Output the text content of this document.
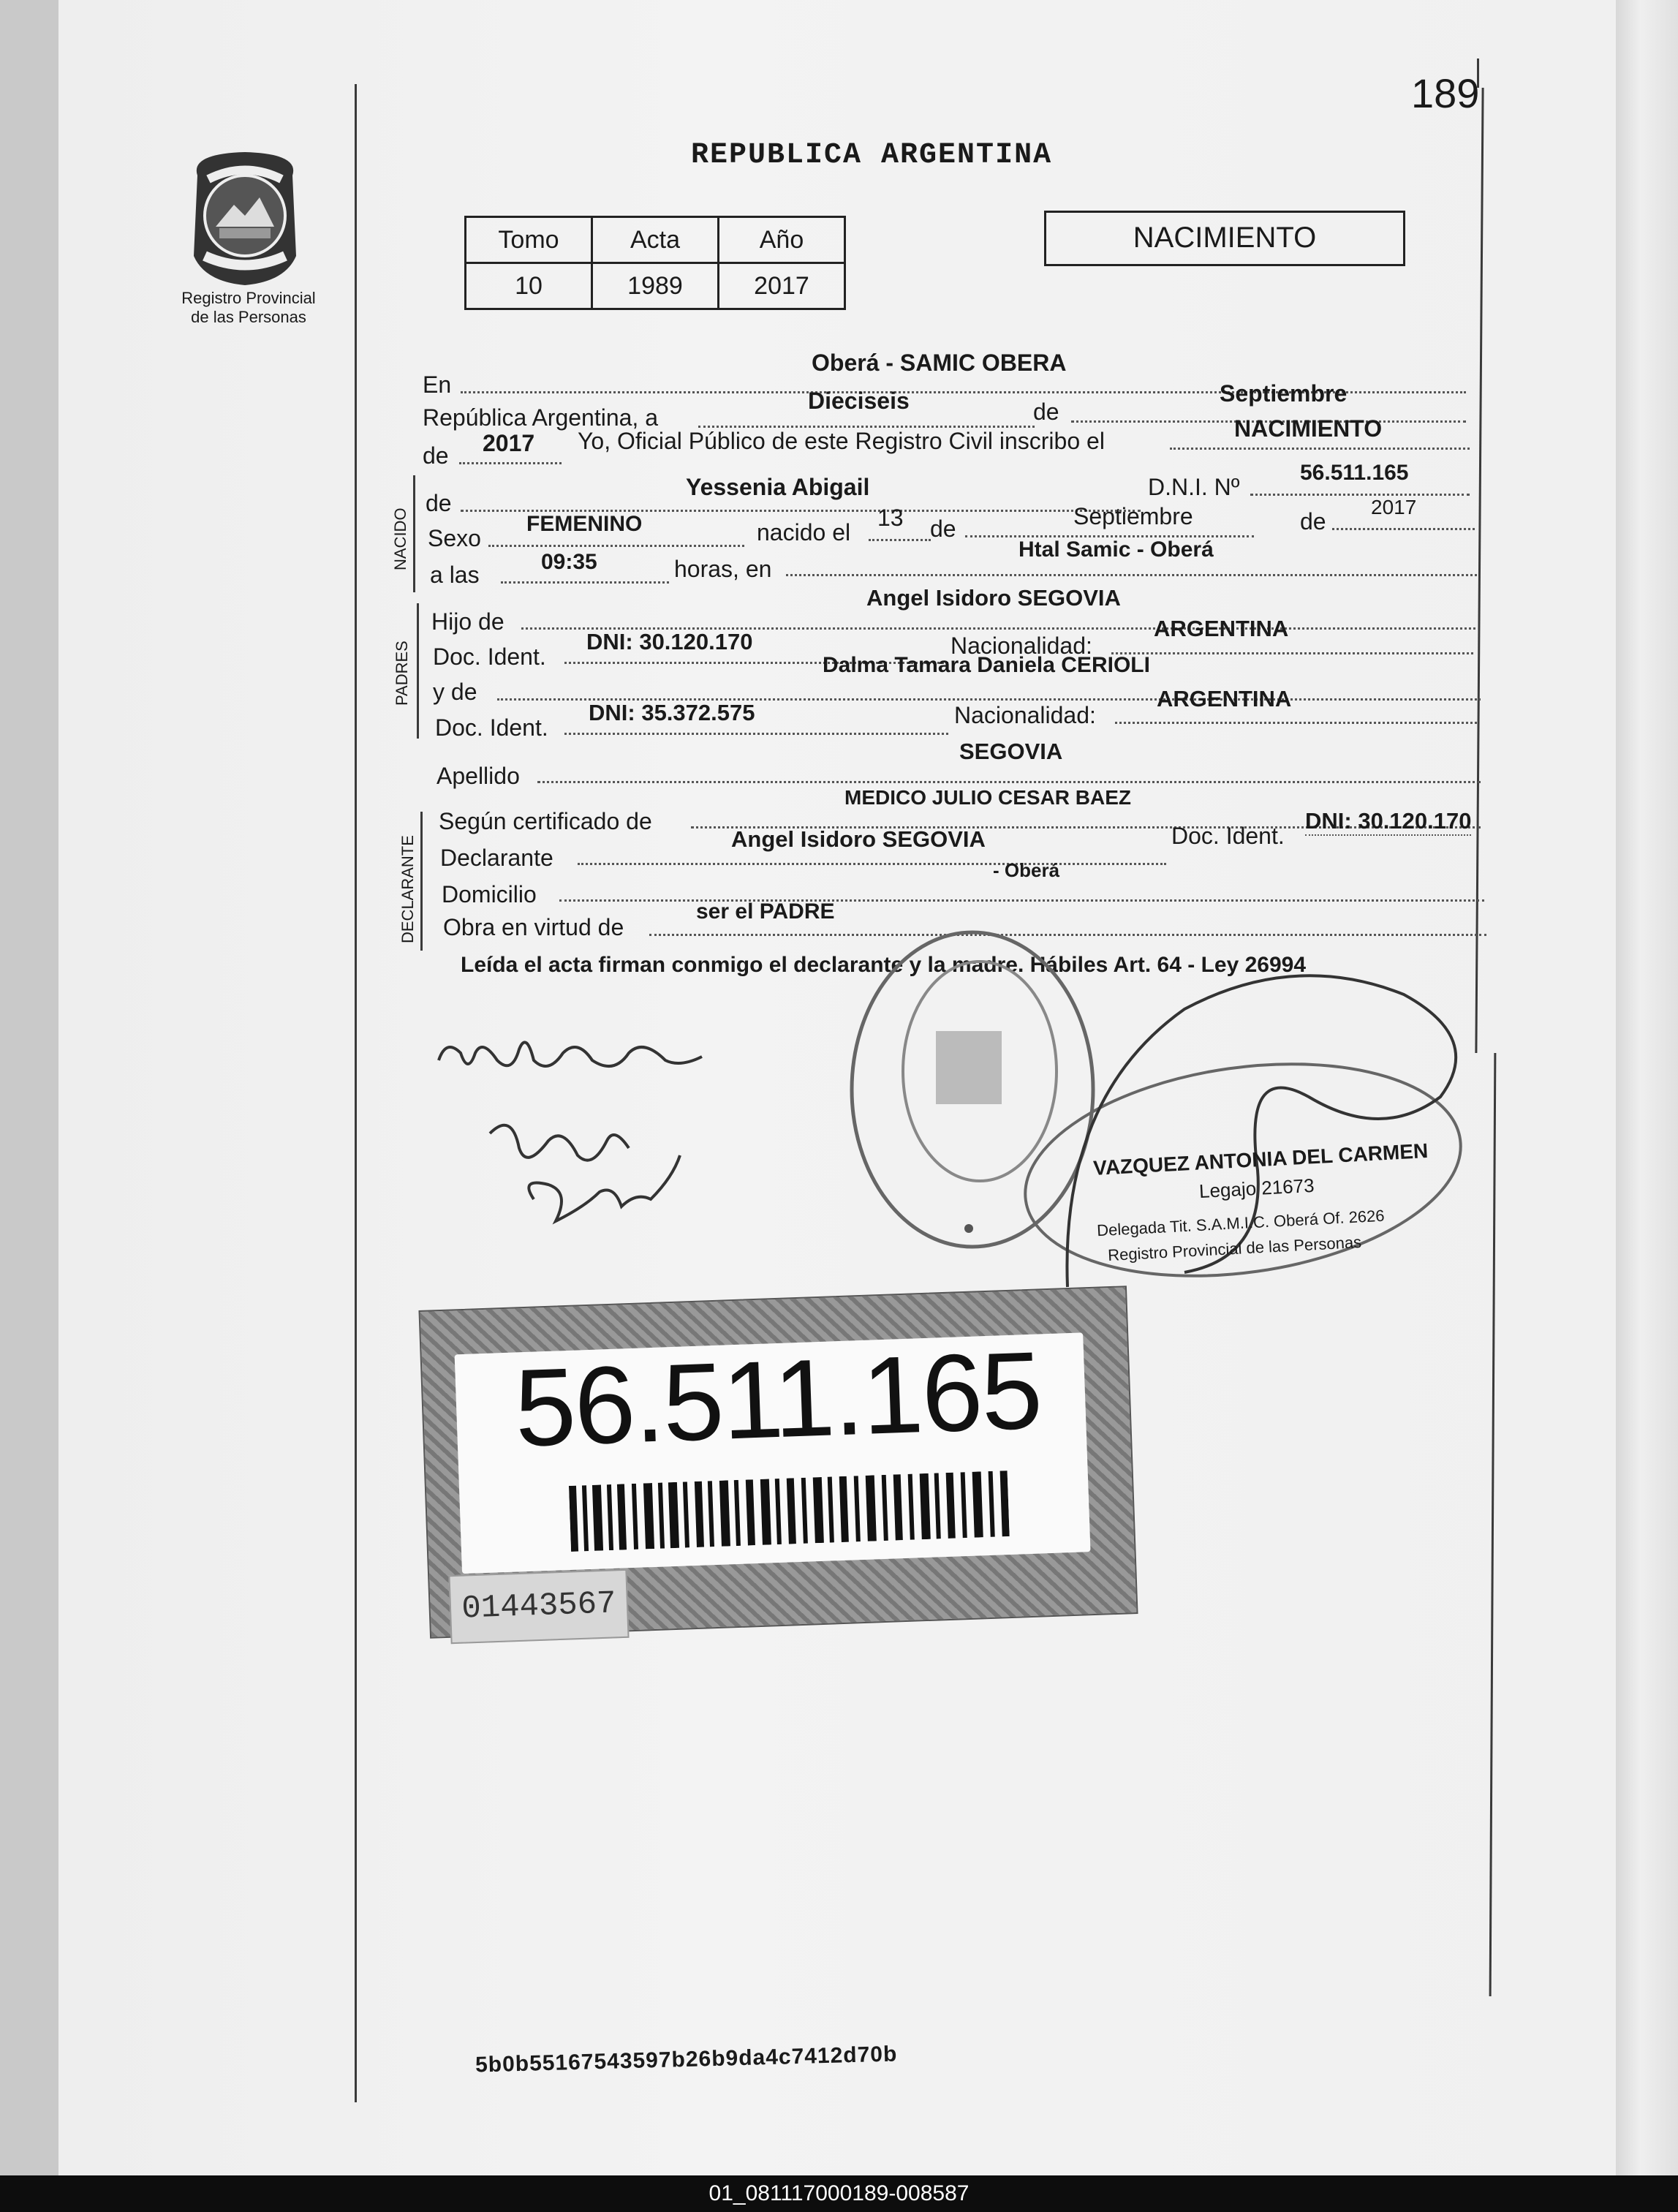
189
REPUBLICA ARGENTINA
Registro Provincial
de las Personas
Tomo	Acta	Año
10	1989	2017
NACIMIENTO
NACIDO
PADRES
DECLARANTE
En
Oberá - SAMIC OBERA
República Argentina, a
Dieciseis	de
Septiembre
de 2017 Yo, Oficial Público de este Registro Civil inscribo el	NACIMIENTO
de
Yessenia Abigail	D.N.I. Nº
56.511.165
Sexo
FEMENINO	nacido el
13 de	Septiembre	de
2017
a las	09:35	horas, en
Htal Samic - Oberá
Hijo de
Angel Isidoro SEGOVIA
Doc. Ident.
DNI: 30.120.170	Nacionalidad:
ARGENTINA
y de
Dalma Tamara Daniela CERIOLI
Doc. Ident.
DNI: 35.372.575	Nacionalidad:
ARGENTINA
Apellido
SEGOVIA
Según certificado de
MEDICO JULIO CESAR BAEZ
Declarante
Angel Isidoro SEGOVIA	Doc. Ident.
DNI: 30.120.170
Domicilio
- Oberá
Obra en virtud de
ser el PADRE
Leída el acta firman conmigo el declarante y la madre. Hábiles Art. 64 - Ley 26994
VAZQUEZ ANTONIA DEL CARMEN
Legajo 21673
Delegada Tit. S.A.M.I.C. Oberá Of. 2626
Registro Provincial de las Personas
56.511.165
01443567
5b0b55167543597b26b9da4c7412d70b
01_081117000189-008587
